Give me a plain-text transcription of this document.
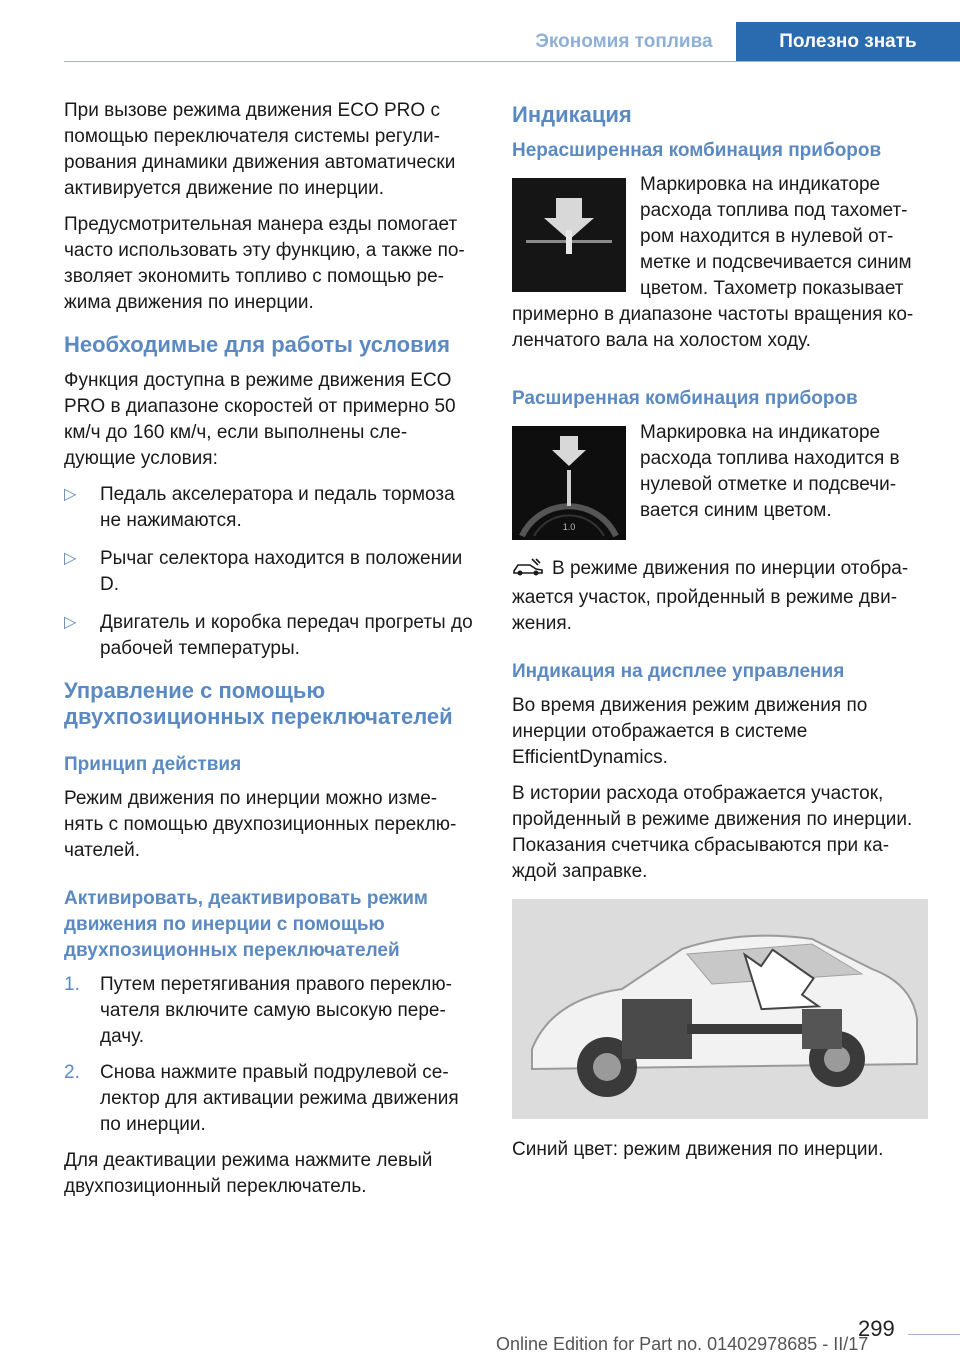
Экономия топлива	Полезно знать

При вызове режима движения ECO PRO с помощью переключателя системы регули-рования динамики движения автоматически активируется движение по инерции.

Предусмотрительная манера езды помогает часто использовать эту функцию, а также по-зволяет экономить топливо с помощью ре-жима движения по инерции.

Необходимые для работы условия

Функция доступна в режиме движения ECO PRO в диапазоне скоростей от примерно 50 км/ч до 160 км/ч, если выполнены сле-дующие условия:

▷ Педаль акселератора и педаль тормоза не нажимаются.
▷ Рычаг селектора находится в положении D.
▷ Двигатель и коробка передач прогреты до рабочей температуры.
Управление с помощью двухпозиционных переключателей
Принцип действия

Режим движения по инерции можно изме-нять с помощью двухпозиционных переклю-чателей.

Активировать, деактивировать режим движения по инерции с помощью двухпозиционных переключателей
1. Путем перетягивания правого переклю-чателя включите самую высокую пере-дачу.
2. Снова нажмите правый подрулевой се-лектор для активации режима движения по инерции.

Для деактивации режима нажмите левый двухпозиционный переключатель.

Индикация
Нерасширенная комбинация приборов

Маркировка на индикаторе расхода топлива под тахомет-ром находится в нулевой от-метке и подсвечивается синим цветом. Тахометр показывает примерно в диапазоне частоты вращения ко-ленчатого вала на холостом ходу.

Расширенная комбинация приборов
1.0

Маркировка на индикаторе расхода топлива находится в нулевой отметке и подсвечи-вается синим цветом.

В режиме движения по инерции отобра-жается участок, пройденный в режиме дви-жения.

Индикация на дисплее управления

Во время движения режим движения по инерции отображается в системе EfficientDynamics.

В истории расхода отображается участок, пройденный в режиме движения по инерции. Показания счетчика сбрасываются при ка-ждой заправке.

Синий цвет: режим движения по инерции.

299
Online Edition for Part no. 01402978685 - II/17
